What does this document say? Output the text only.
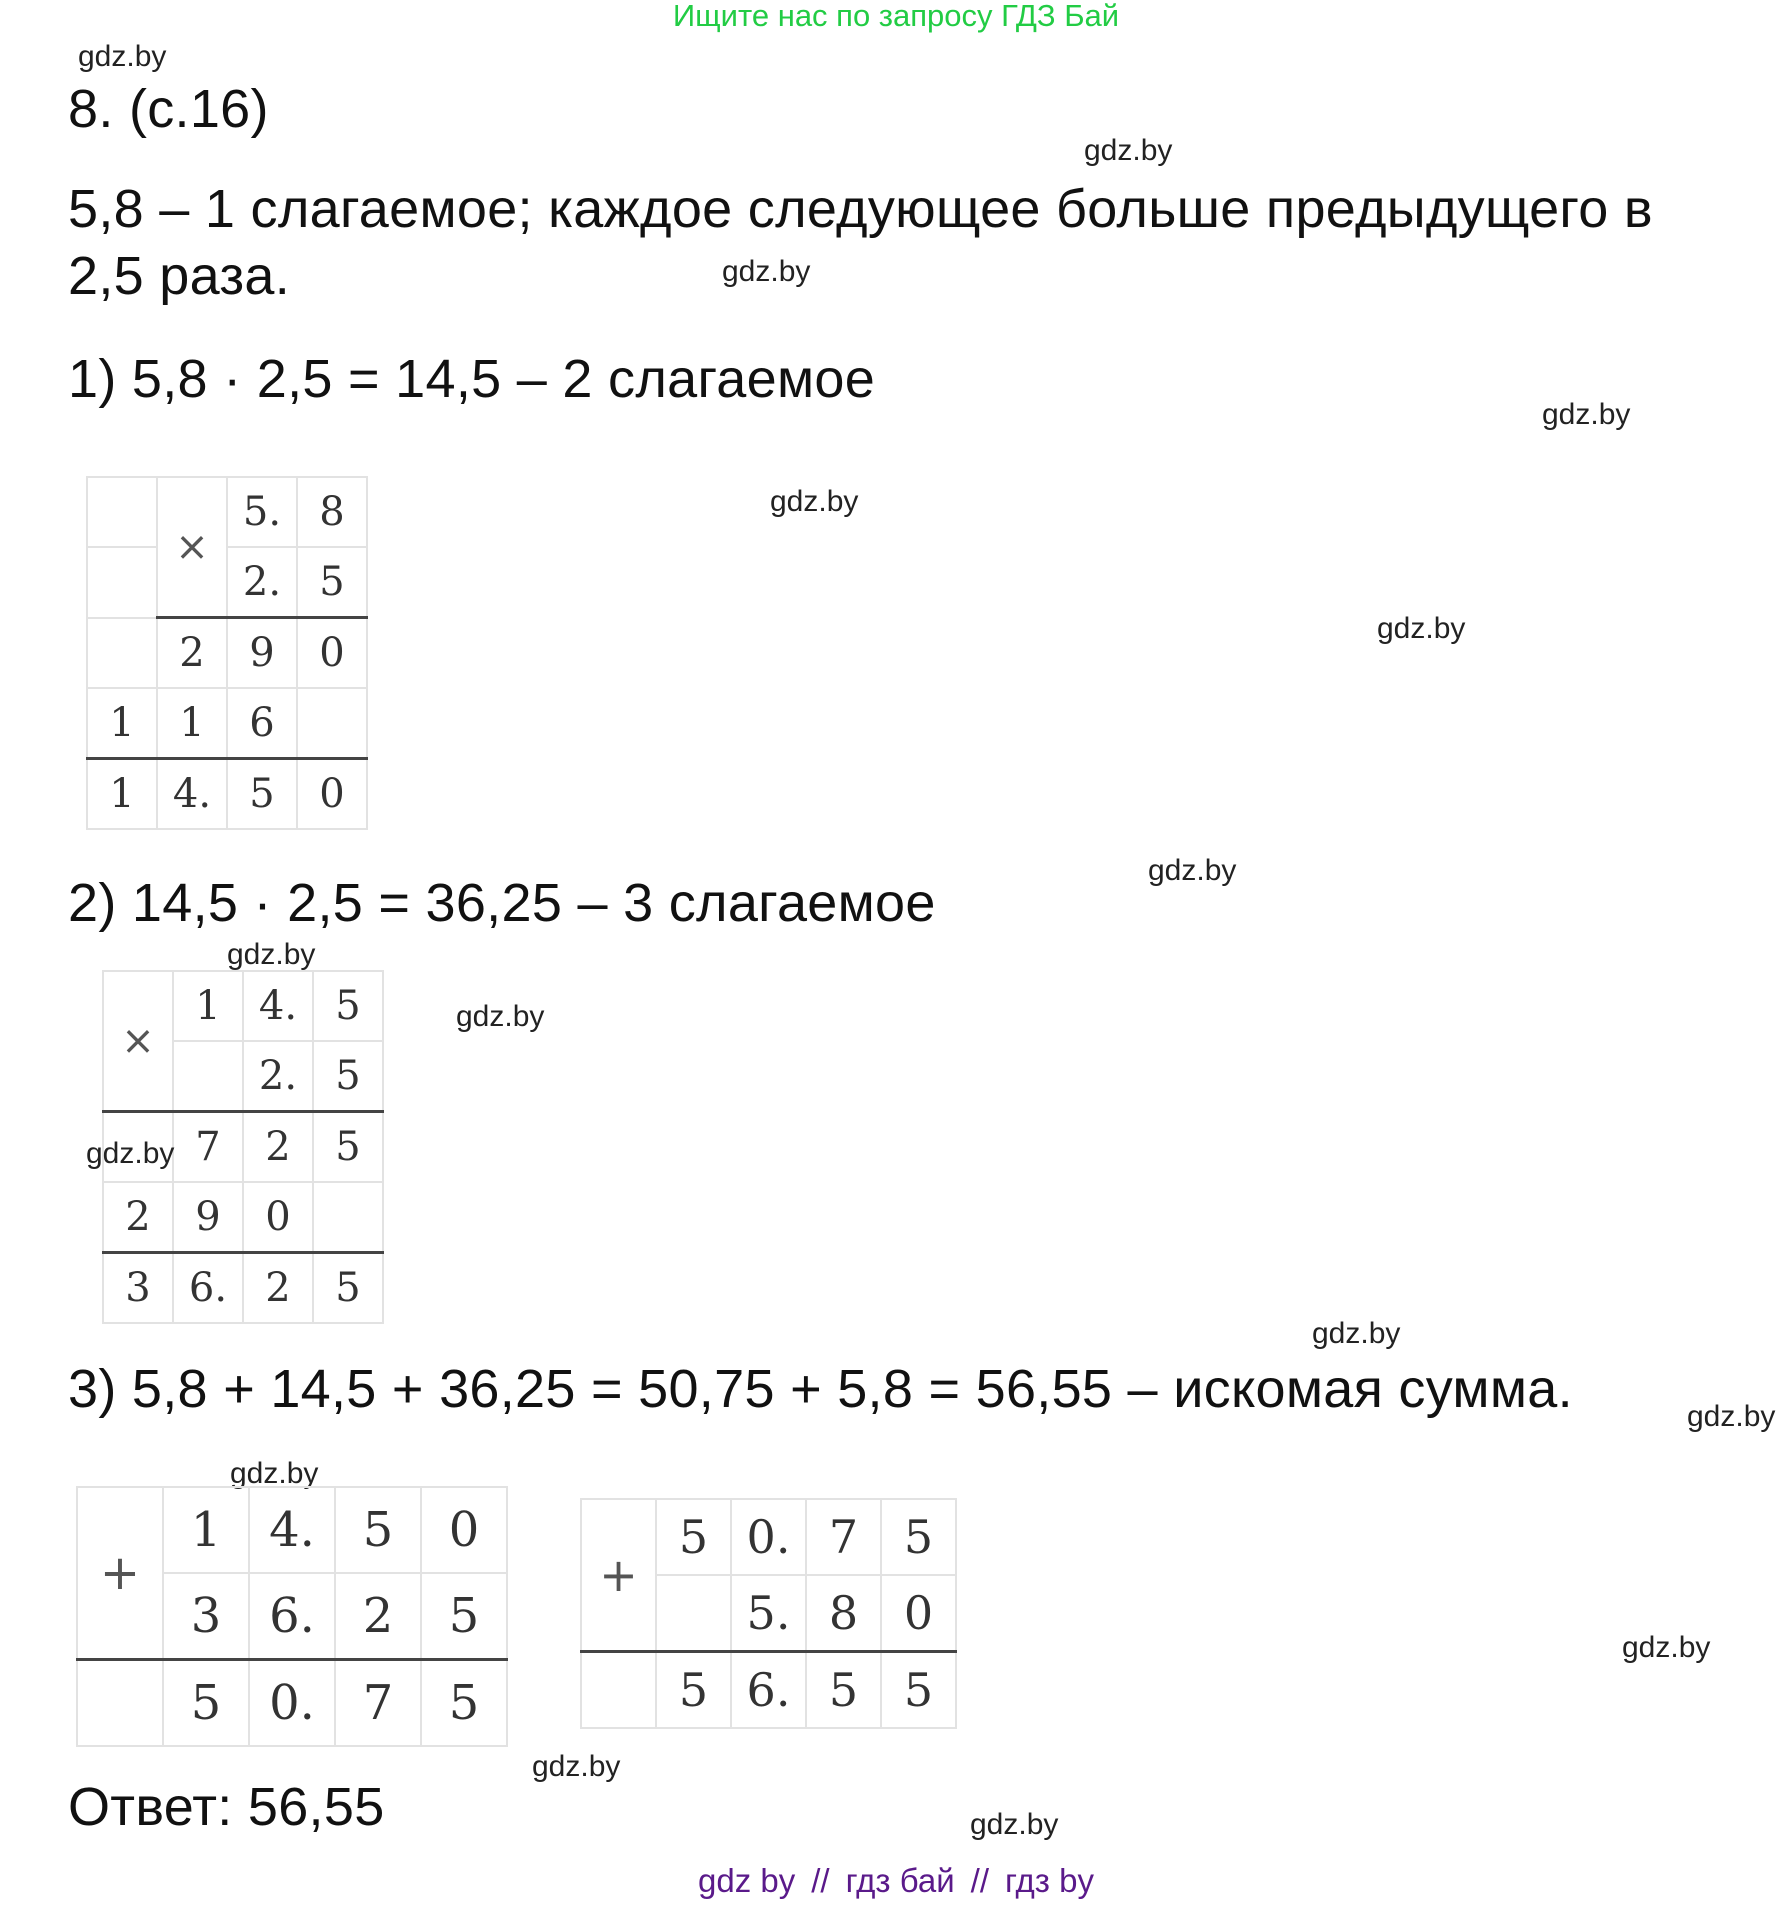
Ищите нас по запросу ГДЗ Бай
gdz.by
gdz.by
gdz.by
gdz.by
gdz.by
gdz.by
gdz.by
gdz.by
gdz.by
gdz.by
gdz.by
gdz.by
gdz.by
gdz.by
gdz.by
gdz.by
8. (с.16)
5,8 – 1 слагаемое; каждое следующее больше предыдущего в
2,5 раза.
1) 5,8 · 2,5 = 14,5 – 2 слагаемое
2) 14,5 · 2,5 = 36,25 – 3 слагаемое
3) 5,8 + 14,5 + 36,25 = 50,75 + 5,8 = 56,55 – искомая сумма.
Ответ: 56,55
	×	5.	8
		2.	5
	2	9	0
1	1	6	
1	4.	5	0
×	1	4.	5
		2.	5
	7	2	5
2	9	0	
3	6.	2	5
+	1	4.	5	0
	3	6.	2	5
	5	0.	7	5
+	5	0.	7	5
		5.	8	0
	5	6.	5	5
gdz by // гдз бай // гдз by
